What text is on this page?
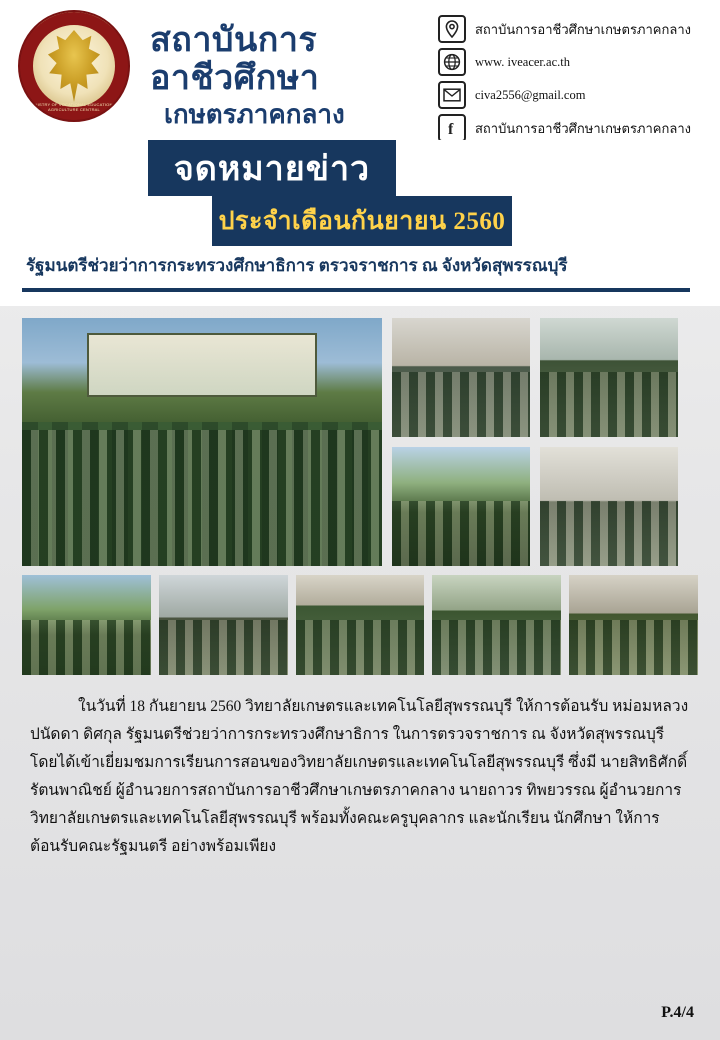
MINISTRY OF VOCATIONAL EDUCATION IN AGRICULTURE CENTRAL
สถาบันการอาชีวศึกษา
เกษตรภาคกลาง
สถาบันการอาชีวศึกษาเกษตรภาคกลาง
www. iveacer.ac.th
civa2556@gmail.com
f สถาบันการอาชีวศึกษาเกษตรภาคกลาง
จดหมายข่าว
ประจำเดือนกันยายน 2560
รัฐมนตรีช่วยว่าการกระทรวงศึกษาธิการ ตรวจราชการ ณ จังหวัดสุพรรณบุรี

ในวันที่ 18 กันยายน 2560 วิทยาลัยเกษตรและเทคโนโลยีสุพรรณบุรี ให้การต้อนรับ หม่อมหลวงปนัดดา ดิศกุล รัฐมนตรีช่วยว่าการกระทรวงศึกษาธิการ ในการตรวจราชการ ณ จังหวัดสุพรรณบุรี โดยได้เข้าเยี่ยมชมการเรียนการสอนของวิทยาลัยเกษตรและเทคโนโลยีสุพรรณบุรี ซึ่งมี นายสิทธิศักดิ์ รัตนพาณิชย์ ผู้อำนวยการสถาบันการอาชีวศึกษาเกษตรภาคกลาง นายถาวร ทิพยวรรณ ผู้อำนวยการวิทยาลัยเกษตรและเทคโนโลยีสุพรรณบุรี พร้อมทั้งคณะครูบุคลากร และนักเรียน นักศึกษา ให้การต้อนรับคณะรัฐมนตรี อย่างพร้อมเพียง

P.4/4
